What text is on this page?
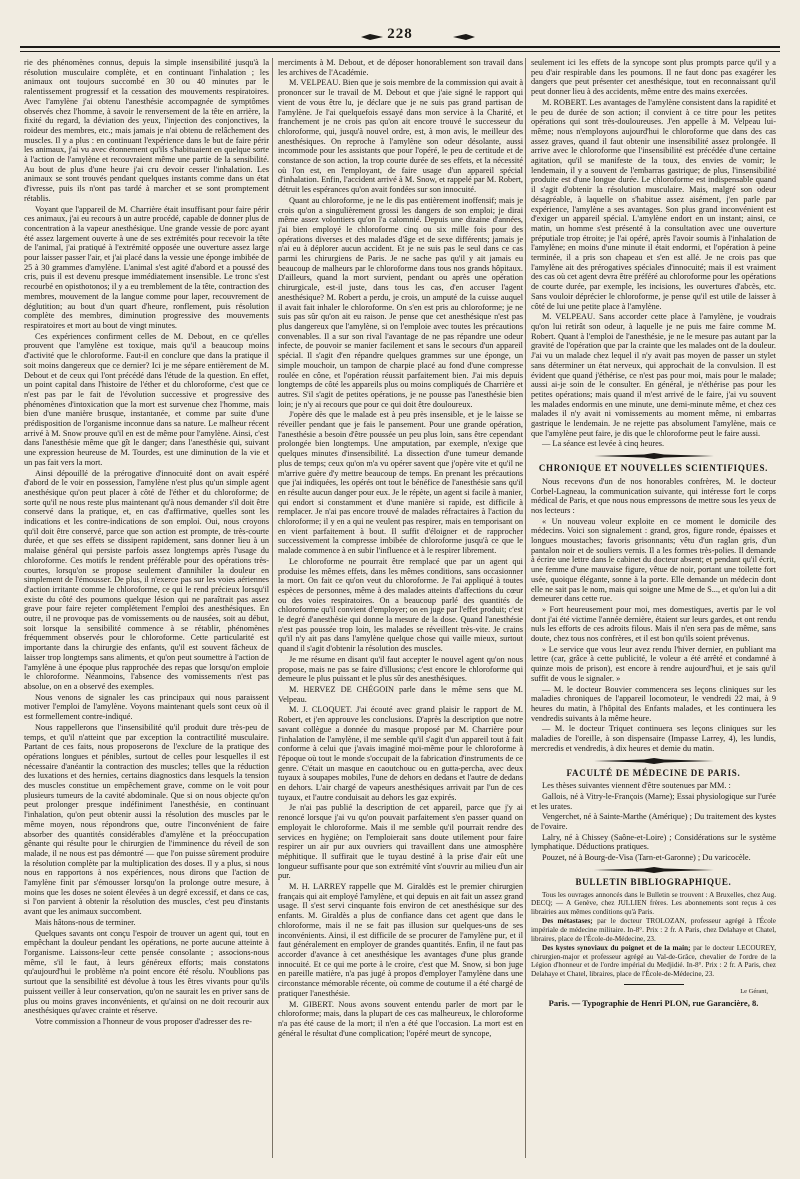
228

rie des phénomènes connus, depuis la simple insensibilité jusqu'à la résolution musculaire complète, et en continuant l'inhalation ; les animaux ont toujours succombé en 30 ou 40 minutes par le ralentissement progressif et la cessation des mouvements respiratoires. Avec l'amylène j'ai obtenu l'anesthésie accompagnée de symptômes observés chez l'homme, à savoir le renversement de la tête en arrière, la fixité du regard, la déviation des yeux, l'injection des conjonctives, la roideur des membres, etc.; mais jamais je n'ai obtenu de relâchement des muscles. Il y a plus : en continuant l'expérience dans le but de faire périr les animaux, j'ai vu avec étonnement qu'ils s'habituaient en quelque sorte à l'action de l'amylène et recouvraient même une partie de la sensibilité. Au bout de plus d'une heure j'ai cru devoir cesser l'inhalation. Les animaux se sont trouvés pendant quelques instants comme dans un état d'ivresse, puis ils n'ont pas tardé à marcher et se sont promptement rétablis.

Voyant que l'appareil de M. Charrière était insuffisant pour faire périr ces animaux, j'ai eu recours à un autre procédé, capable de donner plus de concentration à la vapeur anesthésique. Une grande vessie de porc ayant été assez largement ouverte à une de ses extrémités pour recevoir la tête de l'animal, j'ai pratiqué à l'extrémité opposée une ouverture assez large pour laisser passer l'air, et j'ai placé dans la vessie une éponge imbibée de 25 à 30 grammes d'amylène. L'animal s'est agité d'abord et a poussé des cris, puis il est devenu presque immédiatement insensible. Le tronc s'est recourbé en opisthotonos; il y a eu tremblement de la tête, contraction des membres, mouvement de la langue comme pour laper, recouvrement de déglutition; au bout d'un quart d'heure, ronflement, puis résolution complète des membres, diminution progressive des mouvements respiratoires et mort au bout de vingt minutes.

Ces expériences confirment celles de M. Debout, en ce qu'elles prouvent que l'amylène est toxique, mais qu'il a beaucoup moins d'activité que le chloroforme. Faut-il en conclure que dans la pratique il soit moins dangereux que ce dernier? Ici je me sépare entièrement de M. Debout et de ceux qui l'ont précédé dans l'étude de la question. En effet, un point capital dans l'histoire de l'éther et du chloroforme, c'est que ce n'est pas par le fait de l'évolution successive et progressive des phénomènes d'intoxication que la mort est survenue chez l'homme, mais bien d'une manière brusque, instantanée, et comme par suite d'une prédisposition de l'organisme inconnue dans sa nature. Le malheur récent arrivé à M. Snow prouve qu'il en est de même pour l'amylène. Ainsi, c'est dans l'anesthésie même que gît le danger; dans l'anesthésie qui, suivant une expression heureuse de M. Tourdes, est une diminution de la vie et un pas fait vers la mort.

Ainsi dépouillé de la prérogative d'innocuité dont on avait espéré d'abord de le voir en possession, l'amylène n'est plus qu'un simple agent anesthésique qu'on peut placer à côté de l'éther et du chloroforme; de sorte qu'il ne nous reste plus maintenant qu'à nous demander s'il doit être conservé dans la pratique, et, en cas d'affirmative, quelles sont les indications et les contre-indications de son emploi. Oui, nous croyons qu'il doit être conservé, parce que son action est prompte, de très-courte durée, et que ses effets se dissipent rapidement, sans donner lieu à un malaise général qui persiste parfois assez longtemps après l'usage du chloroforme. Ces motifs le rendent préférable pour des opérations très-courtes, lorsqu'on se propose seulement d'annihiler la douleur en simplement de l'émousser. De plus, il n'exerce pas sur les voies aériennes d'action irritante comme le chloroforme, ce qui le rend précieux lorsqu'il existe du côté des poumons quelque lésion qui ne paraîtrait pas assez grave pour faire rejeter complétement l'emploi des anesthésiques. En outre, il ne provoque pas de vomissements ou de nausées, soit au début, soit lorsque la sensibilité commence à se rétablir, phénomènes fréquemment observés pour le chloroforme. Cette particularité est importante dans la chirurgie des enfants, qu'il est souvent fâcheux de laisser trop longtemps sans aliments, et qu'on peut soumettre à l'action de l'amylène à une époque plus rapprochée des repas que lorsqu'on emploie le chloroforme. Néanmoins, l'absence des vomissements n'est pas absolue, on en a observé des exemples.

Nous venons de signaler les cas principaux qui nous paraissent motiver l'emploi de l'amylène. Voyons maintenant quels sont ceux où il est formellement contre-indiqué.

Nous rappellerons que l'insensibilité qu'il produit dure très-peu de temps, et qu'il n'atteint que par exception la contractilité musculaire. Partant de ces faits, nous proposerons de l'exclure de la pratique des opérations longues et pénibles, surtout de celles pour lesquelles il est nécessaire d'anéantir la contraction des muscles; telles que la réduction des luxations et des hernies, certains diagnostics dans lesquels la tension des muscles constitue un empêchement grave, comme on le voit pour plusieurs tumeurs de la cavité abdominale. Que si on nous objecte qu'on peut prolonger presque indéfiniment l'anesthésie, en continuant l'inhalation, qu'on peut obtenir aussi la résolution des muscles par le même moyen, nous répondrons que, outre l'inconvénient de faire absorber des quantités considérables d'amylène et la préoccupation gênante qui résulte pour le chirurgien de l'imminence du réveil de son malade, il ne nous est pas démontré — que l'on puisse sûrement produire la résolution complète par la multiplication des doses. Il y a plus, si nous nous en rapportons à nos expériences, nous dirons que l'action de l'amylène finit par s'émousser lorsqu'on la prolonge outre mesure, à moins que les doses ne soient élevées à un degré excessif, et dans ce cas, si l'on parvient à obtenir la résolution des muscles, c'est peu d'instants avant que les animaux succombent.

Mais hâtons-nous de terminer.

Quelques savants ont conçu l'espoir de trouver un agent qui, tout en empêchant la douleur pendant les opérations, ne porte aucune atteinte à l'organisme. Laissons-leur cette pensée consolante ; associons-nous même, s'il le faut, à leurs généreux efforts; mais constatons qu'aujourd'hui le problème n'a point encore été résolu. N'oublions pas surtout que la sensibilité est dévolue à tous les êtres vivants pour qu'ils puissent veiller à leur conservation, qu'on ne saurait les en priver sans de plus ou moins graves inconvénients, et qu'ainsi on ne doit recourir aux anesthésiques qu'avec crainte et réserve.

Votre commission a l'honneur de vous proposer d'adresser des re-

merciments à M. Debout, et de déposer honorablement son travail dans les archives de l'Académie.

M. VELPEAU. Bien que je sois membre de la commission qui avait à prononcer sur le travail de M. Debout et que j'aie signé le rapport qui vient de vous être lu, je déclare que je ne suis pas grand partisan de l'amylène. Je l'ai quelquefois essayé dans mon service à la Charité, et franchement je ne crois pas qu'on ait encore trouvé le successeur du chloroforme, qui, jusqu'à nouvel ordre, est, à mon avis, le meilleur des anesthésiques. On reproche à l'amylène son odeur désolante, aussi incommode pour les assistants que pour l'opéré, le peu de certitude et de constance de son action, la trop courte durée de ses effets, et la nécessité où l'on est, en l'employant, de faire usage d'un appareil spécial d'inhalation. Enfin, l'accident arrivé à M. Snow, et rappelé par M. Robert, détruit les espérances qu'on avait fondées sur son innocuité.

Quant au chloroforme, je ne le dis pas entièrement inoffensif; mais je crois qu'on a singulièrement grossi les dangers de son emploi; je dirai même assez volontiers qu'on l'a calomnié. Depuis une dizaine d'années, j'ai bien employé le chloroforme cinq ou six mille fois pour des opérations diverses et des malades d'âge et de sexe différents; jamais je n'ai eu à déplorer aucun accident. Et je ne suis pas le seul dans ce cas parmi les chirurgiens de Paris. Je ne sache pas qu'il y ait jamais eu beaucoup de malheurs par le chloroforme dans tous nos grands hôpitaux. D'ailleurs, quand la mort survient, pendant ou après une opération chirurgicale, est-il juste, dans tous les cas, d'en accuser l'agent anesthésique? M. Robert a perdu, je crois, un amputé de la cuisse auquel il avait fait inhaler le chloroforme. On s'en est pris au chloroforme; je ne suis pas sûr qu'on ait eu raison. Je pense que cet anesthésique n'est pas plus dangereux que l'amylène, si on l'emploie avec toutes les précautions convenables. Il a sur son rival l'avantage de ne pas répandre une odeur infecte, de pouvoir se manier facilement et sans le secours d'un appareil spécial. Il s'agit d'en répandre quelques grammes sur une éponge, un simple mouchoir, un tampon de charpie placé au fond d'une compresse roulée en cône, et l'opération réussit parfaitement bien. J'ai mis depuis longtemps de côté les appareils plus ou moins compliqués de Charrière et autres. S'il s'agit de petites opérations, je ne pousse pas l'anesthésie bien loin; je n'y ai recours que pour ce qui doit être douloureux.

J'opère dès que le malade est à peu près insensible, et je le laisse se réveiller pendant que je fais le pansement. Pour une grande opération, l'anesthésie a besoin d'être poussée un peu plus loin, sans être cependant prolongée bien longtemps. Une amputation, par exemple, n'exige que quelques minutes d'insensibilité. La dissection d'une tumeur demande plus de temps; ceux qu'on m'a vu opérer savent que j'opère vite et qu'il ne m'arrive guère d'y mettre beaucoup de temps. En prenant les précautions que j'ai indiquées, les opérés ont tout le bénéfice de l'anesthésie sans qu'il en résulte aucun danger pour eux. Je le répète, un agent si facile à manier, qui endort si constamment et d'une manière si rapide, est difficile à remplacer. Je n'ai pas encore trouvé de malades réfractaires à l'action du chloroforme; il y en a qui ne veulent pas respirer, mais en temporisant on en vient parfaitement à bout. Il suffit d'éloigner et de rapprocher successivement la compresse imbibée de chloroforme jusqu'à ce que le malade commence à en subir l'influence et à le respirer librement.

Le chloroforme ne pourrait être remplacé que par un agent qui produise les mêmes effets, dans les mêmes conditions, sans occasionner la mort. On fait ce qu'on veut du chloroforme. Je l'ai appliqué à toutes espèces de personnes, même à des malades atteints d'affections du cœur ou des voies respiratoires. On a beaucoup parlé des quantités de chloroforme qu'il convient d'employer; on en juge par l'effet produit; c'est le degré d'anesthésie qui donne la mesure de la dose. Quand l'anesthésie n'est pas poussée trop loin, les malades se réveillent très-vite. Je crains qu'il n'y ait pas dans l'amylène quelque chose qui vaille mieux, surtout quand il s'agit d'obtenir la résolution des muscles.

Je me résume en disant qu'il faut accepter le nouvel agent qu'on nous propose, mais ne pas se faire d'illusions; c'est encore le chloroforme qui demeure le plus puissant et le plus sûr des anesthésiques.

M. HERVEZ DE CHÉGOIN parle dans le même sens que M. Velpeau.

M. J. CLOQUET. J'ai écouté avec grand plaisir le rapport de M. Robert, et j'en approuve les conclusions. D'après la description que notre savant collègue a donnée du masque proposé par M. Charrière pour l'inhalation de l'amylène, il me semble qu'il s'agit d'un appareil tout à fait conforme à celui que j'avais imaginé moi-même pour le chloroforme à l'époque où tout le monde s'occupait de la fabrication d'instruments de ce genre. C'était un masque en caoutchouc ou en gutta-percha, avec deux tuyaux à soupapes mobiles, l'une de dehors en dedans et l'autre de dedans en dehors. L'air chargé de vapeurs anesthésiques arrivait par l'un de ces tuyaux, et l'autre conduisait au dehors les gaz expirés.

Je n'ai pas publié la description de cet appareil, parce que j'y ai renoncé lorsque j'ai vu qu'on pouvait parfaitement s'en passer quand on employait le chloroforme. Mais il me semble qu'il pourrait rendre des services en hygiène; on l'emploierait sans doute utilement pour faire respirer un air pur aux ouvriers qui travaillent dans une atmosphère méphitique. Il suffirait que le tuyau destiné à la prise d'air eût une longueur suffisante pour que son extrémité vînt s'ouvrir au milieu d'un air pur.

M. H. LARREY rappelle que M. Giraldès est le premier chirurgien français qui ait employé l'amylène, et qui depuis en ait fait un assez grand usage. Il s'est servi cinquante fois environ de cet anesthésique sur des enfants. M. Giraldès a plus de confiance dans cet agent que dans le chloroforme, mais il ne se fait pas illusion sur quelques-uns de ses inconvénients. Ainsi, il est difficile de se procurer de l'amylène pur, et il faut généralement en employer de grandes quantités. Enfin, il ne faut pas accorder d'avance à cet anesthésique les avantages d'une plus grande innocuité. Et ce qui me porte à le croire, c'est que M. Snow, si bon juge en pareille matière, n'a pas jugé à propos d'employer l'amylène dans une circonstance mémorable récente, où comme de coutume il a été chargé de pratiquer l'anesthésie.

M. GIBERT. Nous avons souvent entendu parler de mort par le chloroforme; mais, dans la plupart de ces cas malheureux, le chloroforme n'a pas été cause de la mort; il n'en a été que l'occasion. La mort est en général le résultat d'une complication; l'opéré meurt de syncope,

seulement ici les effets de la syncope sont plus prompts parce qu'il y a peu d'air respirable dans les poumons. Il ne faut donc pas exagérer les dangers que peut présenter cet anesthésique, tout en reconnaissant qu'il peut donner lieu à des accidents, même entre des mains exercées.

M. ROBERT. Les avantages de l'amylène consistent dans la rapidité et le peu de durée de son action; il convient à ce titre pour les petites opérations qui sont très-douloureuses. J'en appelle à M. Velpeau lui-même; nous n'employons aujourd'hui le chloroforme que dans des cas assez graves, quand il faut obtenir une insensibilité assez prolongée. Il arrive avec le chloroforme que l'insensibilité est précédée d'une certaine agitation, qu'il se manifeste de la toux, des envies de vomir; le lendemain, il y a souvent de l'embarras gastrique; de plus, l'insensibilité produite est d'une longue durée. Le chloroforme est indispensable quand il s'agit d'obtenir la résolution musculaire. Mais, malgré son odeur désagréable, à laquelle on s'habitue assez aisément, j'en parle par expérience, l'amylène a ses avantages. Son plus grand inconvénient est d'exiger un appareil spécial. L'amylène endort en un instant; ainsi, ce matin, un homme s'est présenté à la consultation avec une ouverture préputiale trop étroite; je l'ai opéré, après l'avoir soumis à l'inhalation de l'amylène; en moins d'une minute il était endormi, et l'opération à peine terminée, il a pris son chapeau et s'en est allé. Je ne crois pas que l'amylène ait des prérogatives spéciales d'innocuité; mais il est vraiment des cas où cet agent devra être préféré au chloroforme pour les opérations de courte durée, par exemple, les incisions, les ouvertures d'abcès, etc. Sans vouloir déprécier le chloroforme, je pense qu'il est utile de laisser à côté de lui une petite place à l'amylène.

M. VELPEAU. Sans accorder cette place à l'amylène, je voudrais qu'on lui retirât son odeur, à laquelle je ne puis me faire comme M. Robert. Quant à l'emploi de l'anesthésie, je ne le mesure pas autant par la gravité de l'opération que par la crainte que les malades ont de la douleur. J'ai vu un malade chez lequel il n'y avait pas moyen de passer un stylet sans déterminer un état nerveux, qui approchait de la convulsion. Il est évident que quand j'éthérise, ce n'est pas pour moi, mais pour le malade; aussi ai-je soin de le consulter. En général, je n'éthérise pas pour les petites opérations; mais quand il m'est arrivé de le faire, j'ai vu souvent les malades endormis en une minute, une demi-minute même, et chez ces malades il n'y avait ni vomissements au moment même, ni embarras gastrique le lendemain. Je ne rejette pas absolument l'amylène, mais ce que l'amylène peut faire, je dis que le chloroforme peut le faire aussi.

— La séance est levée à cinq heures.

CHRONIQUE ET NOUVELLES SCIENTIFIQUES.

Nous recevons d'un de nos honorables confrères, M. le docteur Corbel-Lagneau, la communication suivante, qui intéresse fort le corps médical de Paris, et que nous nous empressons de mettre sous les yeux de nos lecteurs :

« Un nouveau voleur exploite en ce moment le domicile des médecins. Voici son signalement : grand, gros, figure ronde, épaisses et longues moustaches; favoris grisonnants; vêtu d'un raglan gris, d'un pantalon noir et de souliers vernis. Il a les formes très-polies. Il demande à écrire une lettre dans le cabinet du docteur absent; et pendant qu'il écrit, une femme d'une mauvaise figure, vêtue de noir, portant une toilette fort usée, quoique élégante, sonne à la porte. Elle demande un médecin dont elle ne sait pas le nom, mais qui soigne une Mme de S..., et qu'on lui a dit demeurer dans cette rue.

» Fort heureusement pour moi, mes domestiques, avertis par le vol dont j'ai été victime l'année dernière, étaient sur leurs gardes, et ont rendu nuls les efforts de ces adroits filous. Mais il n'en sera pas de même, sans doute, chez tous nos confrères, et il est bon qu'ils soient prévenus.

» Le service que vous leur avez rendu l'hiver dernier, en publiant ma lettre (car, grâce à cette publicité, le voleur a été arrêté et condamné à quinze mois de prison), est encore à rendre aujourd'hui, et je sais qu'il suffit de vous le signaler. »

— M. le docteur Bouvier commencera ses leçons cliniques sur les maladies chroniques de l'appareil locomoteur, le vendredi 22 mai, à 9 heures du matin, à l'hôpital des Enfants malades, et les continuera les vendredis suivants à la même heure.

— M. le docteur Triquet continuera ses leçons cliniques sur les maladies de l'oreille, à son dispensaire (Impasse Larrey, 4), les lundis, mercredis et vendredis, à dix heures et demie du matin.

FACULTÉ DE MÉDECINE DE PARIS.

Les thèses suivantes viennent d'être soutenues par MM. :

Gallois, né à Vitry-le-François (Marne); Essai physiologique sur l'urée et les urates.

Vengerchet, né à Sainte-Marthe (Amérique) ; Du traitement des kystes de l'ovaire.

Lalry, né à Chissey (Saône-et-Loire) ; Considérations sur le système lymphatique. Déductions pratiques.

Pouzet, né à Bourg-de-Visa (Tarn-et-Garonne) ; Du varicocèle.

BULLETIN BIBLIOGRAPHIQUE.

Tous les ouvrages annoncés dans le Bulletin se trouvent : A Bruxelles, chez Aug. DECQ; — A Genève, chez JULLIEN frères. Les abonnements sont reçus à ces librairies aux mêmes conditions qu'à Paris.

Des métastases; par le docteur TROLOZAN, professeur agrégé à l'École impériale de médecine militaire. In-8°. Prix : 2 fr. A Paris, chez Delahaye et Chatel, libraires, place de l'École-de-Médecine, 23.

Des kystes synoviaux du poignet et de la main; par le docteur LECOUREY, chirurgien-major et professeur agrégé au Val-de-Grâce, chevalier de l'ordre de la Légion d'honneur et de l'ordre impérial du Medjidié. In-8°. Prix : 2 fr. A Paris, chez Delahaye et Chatel, libraires, place de l'École-de-Médecine, 23.

Le Gérant,
Paris. — Typographie de Henri PLON, rue Garancière, 8.
